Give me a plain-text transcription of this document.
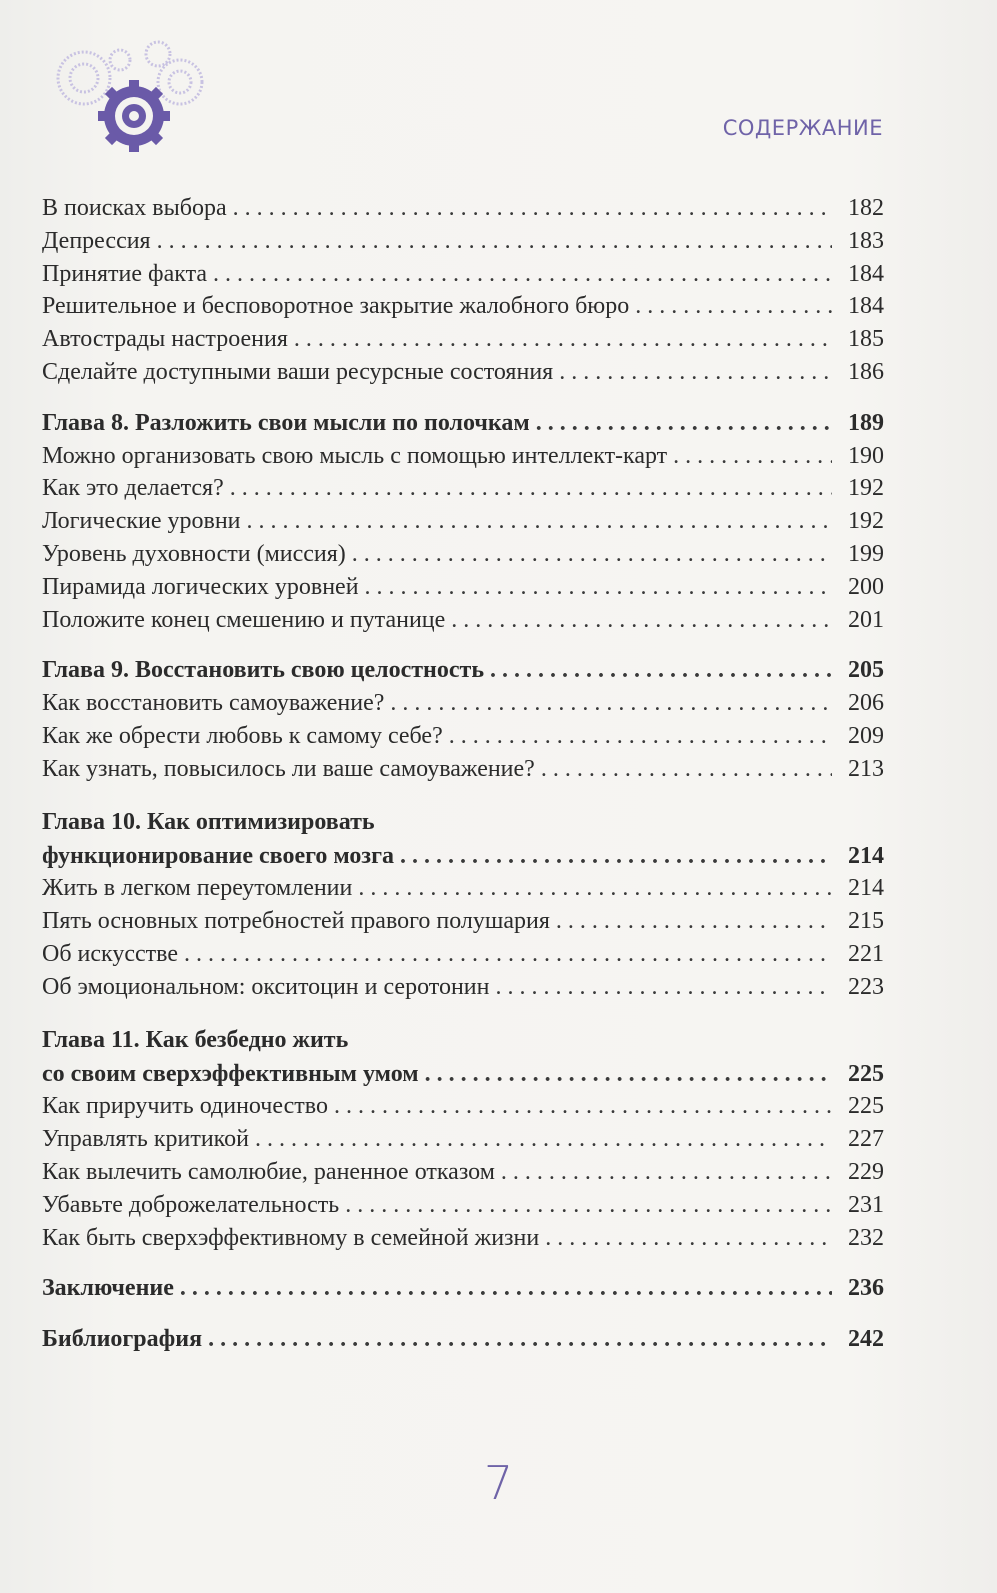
СОДЕРЖАНИЕ
В поисках выбора . . .	182
Депрессия . . .	183
Принятие факта . . .	184
Решительное и бесповоротное закрытие жалобного бюро . . .	184
Автострады настроения . . .	185
Сделайте доступными ваши ресурсные состояния . . .	186
Глава 8. Разложить свои мысли по полочкам . . .	189
Можно организовать свою мысль с помощью интеллект-карт . . .	190
Как это делается? . . .	192
Логические уровни . . .	192
Уровень духовности (миссия) . . .	199
Пирамида логических уровней . . .	200
Положите конец смешению и путанице . . .	201
Глава 9. Восстановить свою целостность . . .	205
Как восстановить самоуважение? . . .	206
Как же обрести любовь к самому себе? . . .	209
Как узнать, повысилось ли ваше самоуважение? . . .	213
Глава 10. Как оптимизировать
функционирование своего мозга . . .	214
Жить в легком переутомлении . . .	214
Пять основных потребностей правого полушария . . .	215
Об искусстве . . .	221
Об эмоциональном: окситоцин и серотонин . . .	223
Глава 11. Как безбедно жить
со своим сверхэффективным умом . . .	225
Как приручить одиночество . . .	225
Управлять критикой . . .	227
Как вылечить самолюбие, раненное отказом . . .	229
Убавьте доброжелательность . . .	231
Как быть сверхэффективному в семейной жизни . . .	232
Заключение . . .	236
Библиография . . .	242
7
